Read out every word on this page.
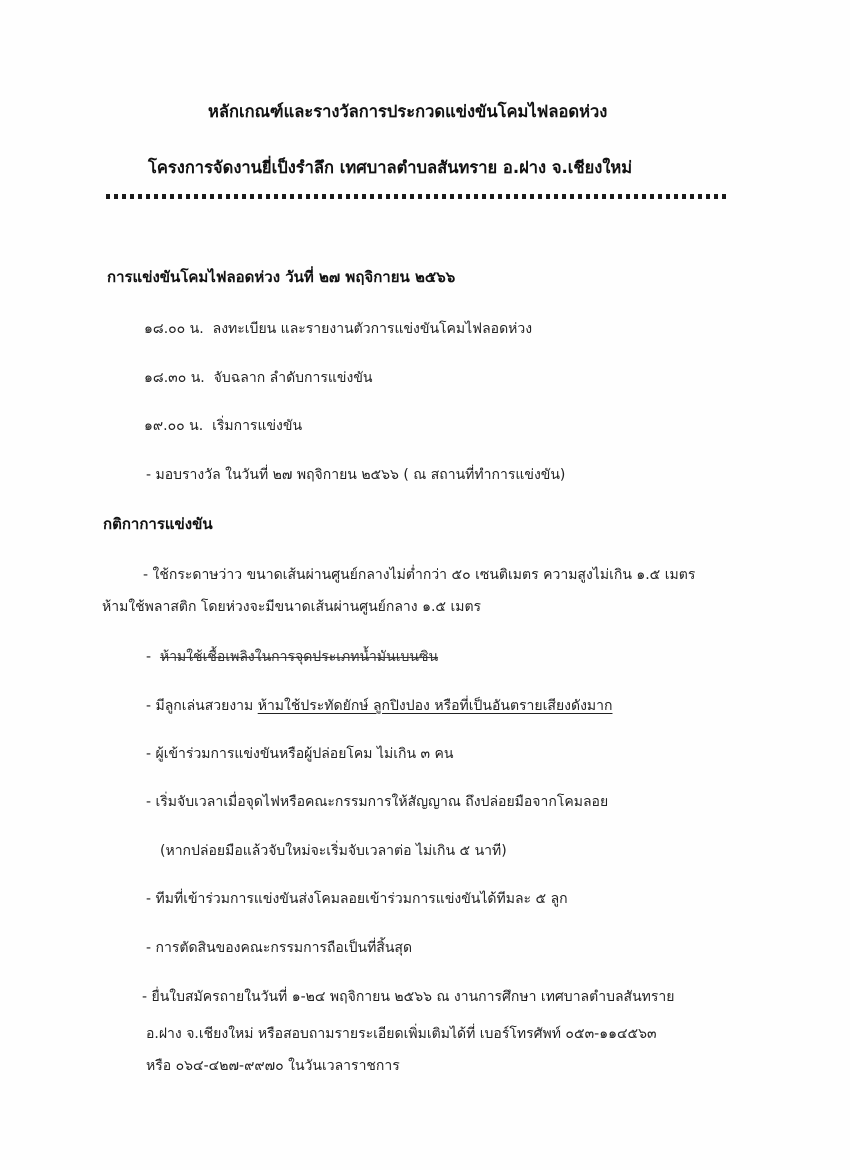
หลักเกณฑ์และรางวัลการประกวดแข่งขันโคมไฟลอดห่วง
โครงการจัดงานยี่เป็งรำลึก เทศบาลตำบลสันทราย อ.ฝาง จ.เชียงใหม่
การแข่งขันโคมไฟลอดห่วง วันที่ ๒๗ พฤจิกายน ๒๕๖๖
๑๘.๐๐ น. ลงทะเบียน และรายงานตัวการแข่งขันโคมไฟลอดห่วง
๑๘.๓๐ น. จับฉลาก ลำดับการแข่งขัน
๑๙.๐๐ น. เริ่มการแข่งขัน
- มอบรางวัล ในวันที่ ๒๗ พฤจิกายน ๒๕๖๖ ( ณ สถานที่ทำการแข่งขัน)
กติกาการแข่งขัน
- ใช้กระดาษว่าว ขนาดเส้นผ่านศูนย์กลางไม่ต่ำกว่า ๕๐ เซนติเมตร ความสูงไม่เกิน ๑.๕ เมตร
ห้ามใช้พลาสติก โดยห่วงจะมีขนาดเส้นผ่านศูนย์กลาง ๑.๕ เมตร
- ห้ามใช้เชื้อเพลิงในการจุดประเภทน้ำมันเบนซิน
- มีลูกเล่นสวยงาม ห้ามใช้ประทัดยักษ์ ลูกปิงปอง หรือที่เป็นอันตรายเสียงดังมาก
- ผู้เข้าร่วมการแข่งขันหรือผู้ปล่อยโคม ไม่เกิน ๓ คน
- เริ่มจับเวลาเมื่อจุดไฟหรือคณะกรรมการให้สัญญาณ ถึงปล่อยมือจากโคมลอย
(หากปล่อยมือแล้วจับใหม่จะเริ่มจับเวลาต่อ ไม่เกิน ๕ นาที)
- ทีมที่เข้าร่วมการแข่งขันส่งโคมลอยเข้าร่วมการแข่งขันได้ทีมละ ๕ ลูก
- การตัดสินของคณะกรรมการถือเป็นที่สิ้นสุด
- ยื่นใบสมัครถายในวันที่ ๑-๒๔ พฤจิกายน ๒๕๖๖ ณ งานการศึกษา เทศบาลตำบลสันทราย
อ.ฝาง จ.เชียงใหม่ หรือสอบถามรายระเอียดเพิ่มเติมได้ที่ เบอร์โทรศัพท์ ๐๕๓-๑๑๔๕๖๓
หรือ ๐๖๔-๔๒๗-๙๙๗๐ ในวันเวลาราชการ
